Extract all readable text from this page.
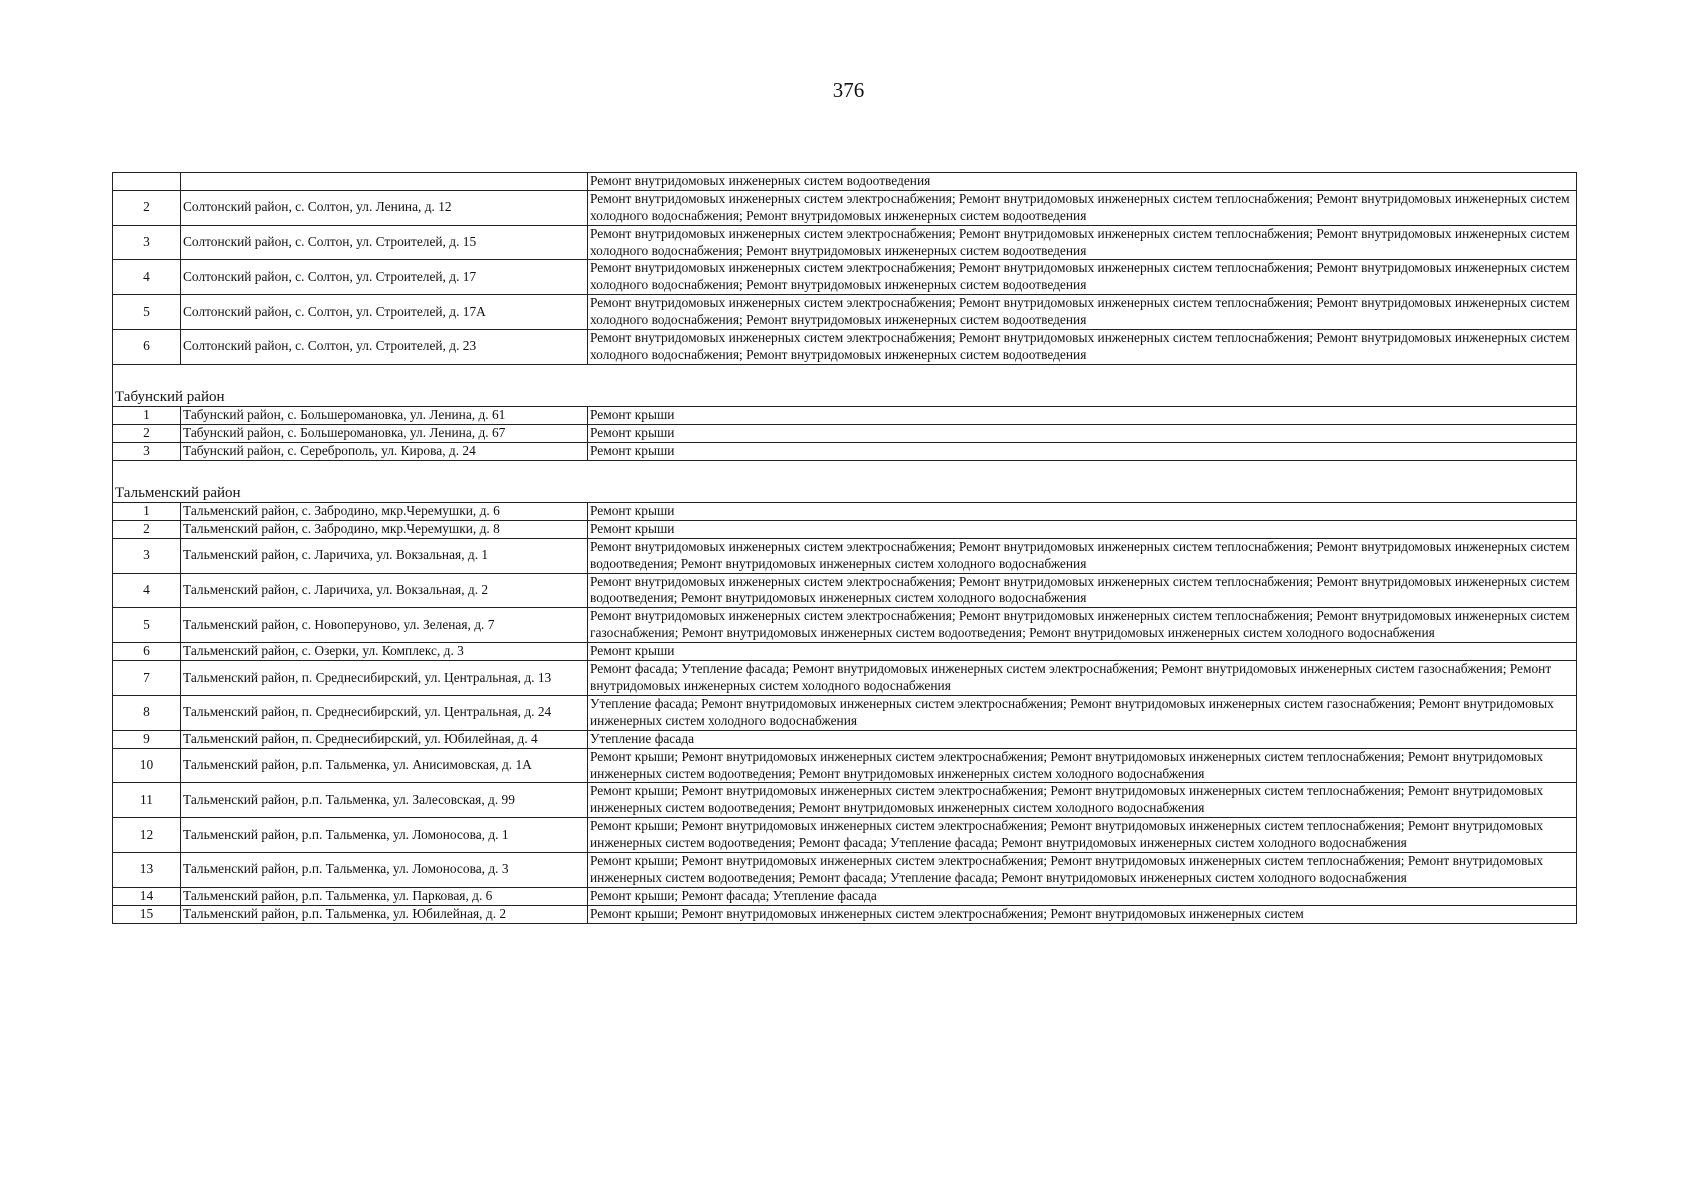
376
		Ремонт внутридомовых инженерных систем водоотведения
2	Солтонский район, с. Солтон, ул. Ленина, д. 12	Ремонт внутридомовых инженерных систем электроснабжения; Ремонт внутридомовых инженерных систем теплоснабжения; Ремонт внутридомовых инженерных систем холодного водоснабжения; Ремонт внутридомовых инженерных систем водоотведения
3	Солтонский район, с. Солтон, ул. Строителей, д. 15	Ремонт внутридомовых инженерных систем электроснабжения; Ремонт внутридомовых инженерных систем теплоснабжения; Ремонт внутридомовых инженерных систем холодного водоснабжения; Ремонт внутридомовых инженерных систем водоотведения
4	Солтонский район, с. Солтон, ул. Строителей, д. 17	Ремонт внутридомовых инженерных систем электроснабжения; Ремонт внутридомовых инженерных систем теплоснабжения; Ремонт внутридомовых инженерных систем холодного водоснабжения; Ремонт внутридомовых инженерных систем водоотведения
5	Солтонский район, с. Солтон, ул. Строителей, д. 17А	Ремонт внутридомовых инженерных систем электроснабжения; Ремонт внутридомовых инженерных систем теплоснабжения; Ремонт внутридомовых инженерных систем холодного водоснабжения; Ремонт внутридомовых инженерных систем водоотведения
6	Солтонский район, с. Солтон, ул. Строителей, д. 23	Ремонт внутридомовых инженерных систем электроснабжения; Ремонт внутридомовых инженерных систем теплоснабжения; Ремонт внутридомовых инженерных систем холодного водоснабжения; Ремонт внутридомовых инженерных систем водоотведения

Табунский район		
1	Табунский район, с. Большеромановка, ул. Ленина, д. 61	Ремонт крыши
2	Табунский район, с. Большеромановка, ул. Ленина, д. 67	Ремонт крыши
3	Табунский район, с. Сереброполь, ул. Кирова, д. 24	Ремонт крыши

Тальменский район		
1	Тальменский район, с. Забродино, мкр.Черемушки, д. 6	Ремонт крыши
2	Тальменский район, с. Забродино, мкр.Черемушки, д. 8	Ремонт крыши
3	Тальменский район, с. Ларичиха, ул. Вокзальная, д. 1	Ремонт внутридомовых инженерных систем электроснабжения; Ремонт внутридомовых инженерных систем теплоснабжения; Ремонт внутридомовых инженерных систем водоотведения; Ремонт внутридомовых инженерных систем холодного водоснабжения
4	Тальменский район, с. Ларичиха, ул. Вокзальная, д. 2	Ремонт внутридомовых инженерных систем электроснабжения; Ремонт внутридомовых инженерных систем теплоснабжения; Ремонт внутридомовых инженерных систем водоотведения; Ремонт внутридомовых инженерных систем холодного водоснабжения
5	Тальменский район, с. Новоперуново, ул. Зеленая, д. 7	Ремонт внутридомовых инженерных систем электроснабжения; Ремонт внутридомовых инженерных систем теплоснабжения; Ремонт внутридомовых инженерных систем газоснабжения; Ремонт внутридомовых инженерных систем водоотведения; Ремонт внутридомовых инженерных систем холодного водоснабжения
6	Тальменский район, с. Озерки, ул. Комплекс, д. 3	Ремонт крыши
7	Тальменский район, п. Среднесибирский, ул. Центральная, д. 13	Ремонт фасада; Утепление фасада; Ремонт внутридомовых инженерных систем электроснабжения; Ремонт внутридомовых инженерных систем газоснабжения; Ремонт внутридомовых инженерных систем холодного водоснабжения
8	Тальменский район, п. Среднесибирский, ул. Центральная, д. 24	Утепление фасада; Ремонт внутридомовых инженерных систем электроснабжения; Ремонт внутридомовых инженерных систем газоснабжения; Ремонт внутридомовых инженерных систем холодного водоснабжения
9	Тальменский район, п. Среднесибирский, ул. Юбилейная, д. 4	Утепление фасада
10	Тальменский район, р.п. Тальменка, ул. Анисимовская, д. 1А	Ремонт крыши; Ремонт внутридомовых инженерных систем электроснабжения; Ремонт внутридомовых инженерных систем теплоснабжения; Ремонт внутридомовых инженерных систем водоотведения; Ремонт внутридомовых инженерных систем холодного водоснабжения
11	Тальменский район, р.п. Тальменка, ул. Залесовская, д. 99	Ремонт крыши; Ремонт внутридомовых инженерных систем электроснабжения; Ремонт внутридомовых инженерных систем теплоснабжения; Ремонт внутридомовых инженерных систем водоотведения; Ремонт внутридомовых инженерных систем холодного водоснабжения
12	Тальменский район, р.п. Тальменка, ул. Ломоносова, д. 1	Ремонт крыши; Ремонт внутридомовых инженерных систем электроснабжения; Ремонт внутридомовых инженерных систем теплоснабжения; Ремонт внутридомовых инженерных систем водоотведения; Ремонт фасада; Утепление фасада; Ремонт внутридомовых инженерных систем холодного водоснабжения
13	Тальменский район, р.п. Тальменка, ул. Ломоносова, д. 3	Ремонт крыши; Ремонт внутридомовых инженерных систем электроснабжения; Ремонт внутридомовых инженерных систем теплоснабжения; Ремонт внутридомовых инженерных систем водоотведения; Ремонт фасада; Утепление фасада; Ремонт внутридомовых инженерных систем холодного водоснабжения
14	Тальменский район, р.п. Тальменка, ул. Парковая, д. 6	Ремонт крыши; Ремонт фасада; Утепление фасада
15	Тальменский район, р.п. Тальменка, ул. Юбилейная, д. 2	Ремонт крыши; Ремонт внутридомовых инженерных систем электроснабжения; Ремонт внутридомовых инженерных систем
